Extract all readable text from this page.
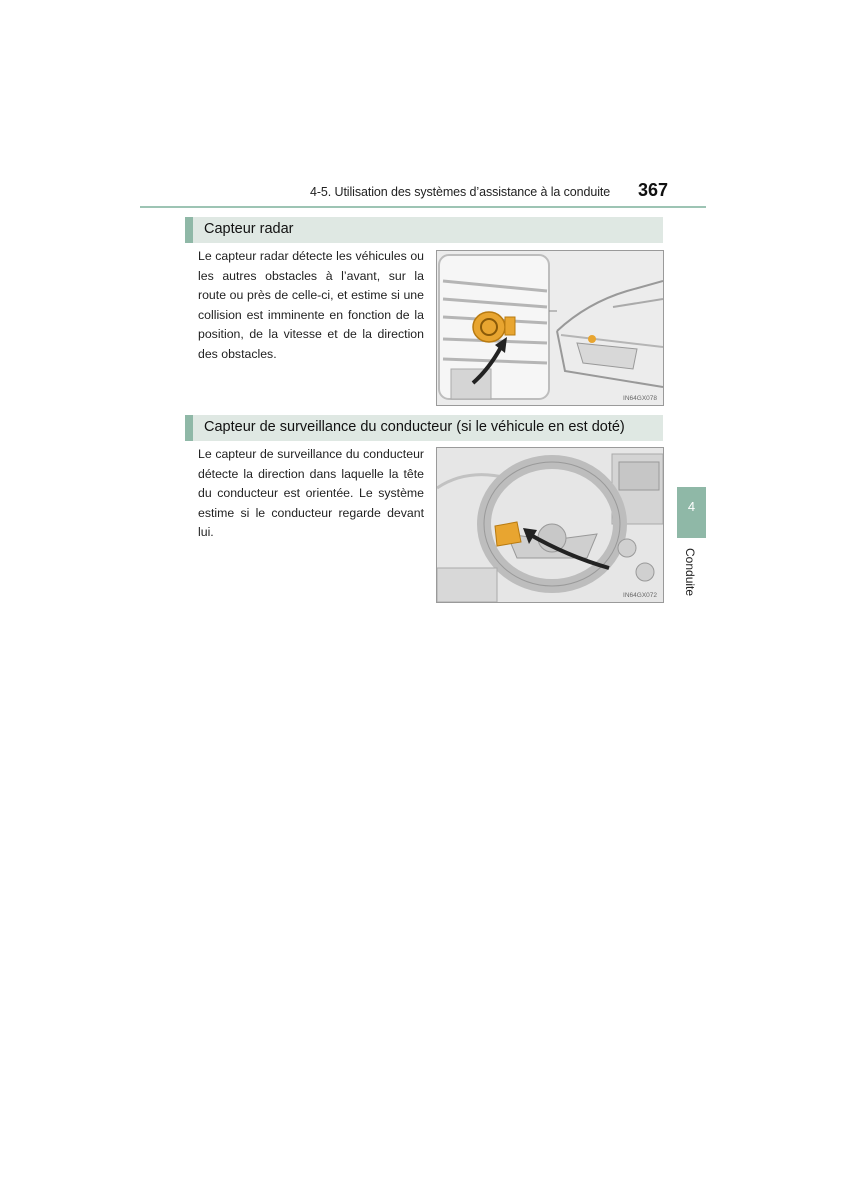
4-5. Utilisation des systèmes d’assistance à la conduite 367
Capteur radar
Le capteur radar détecte les véhicules ou les autres obstacles à l’avant, sur la route ou près de celle-ci, et estime si une collision est imminente en fonction de la position, de la vitesse et de la direction des obstacles.
IN64GX078
Capteur de surveillance du conducteur (si le véhicule en est doté)
Le capteur de surveillance du conducteur détecte la direction dans laquelle la tête du conducteur est orientée. Le système estime si le conducteur regarde devant lui.
IN64GX072
4
Conduite
